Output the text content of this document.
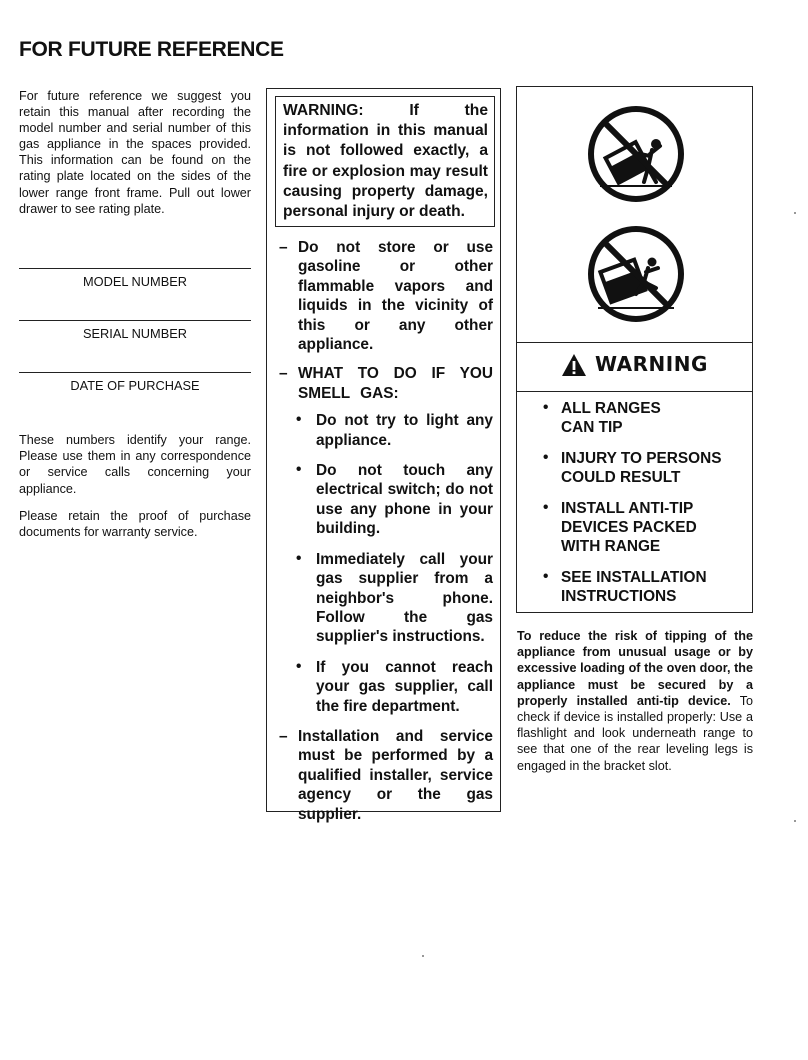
FOR FUTURE REFERENCE

For future reference we suggest you retain this manual after recording the model number and serial number of this gas appliance in the spaces provided. This information can be found on the rating plate located on the sides of the lower range front frame. Pull out lower drawer to see rating plate.

MODEL NUMBER
SERIAL NUMBER
DATE OF PURCHASE

These numbers identify your range. Please use them in any correspondence or service calls concerning your appliance.

Please retain the proof of purchase documents for warranty service.

WARNING: If the information in this manual is not followed exactly, a fire or explosion may result causing property damage, personal injury or death.

– Do not store or use gasoline or other flammable vapors and liquids in the vicinity of this or any other appliance.

– WHAT TO DO IF YOU SMELL GAS:

• Do not try to light any appliance.
• Do not touch any electrical switch; do not use any phone in your building.
• Immediately call your gas supplier from a neighbor's phone. Follow the gas supplier's instructions.
• If you cannot reach your gas supplier, call the fire department.
– Installation and service must be performed by a qualified installer, service agency or the gas supplier.

WARNING
• ALL RANGES CAN TIP
• INJURY TO PERSONS COULD RESULT
• INSTALL ANTI-TIP DEVICES PACKED WITH RANGE
• SEE INSTALLATION INSTRUCTIONS

To reduce the risk of tipping of the appliance from unusual usage or by excessive loading of the oven door, the appliance must be secured by a properly installed anti-tip device. To check if device is installed properly: Use a flashlight and look underneath range to see that one of the rear leveling legs is engaged in the bracket slot.
